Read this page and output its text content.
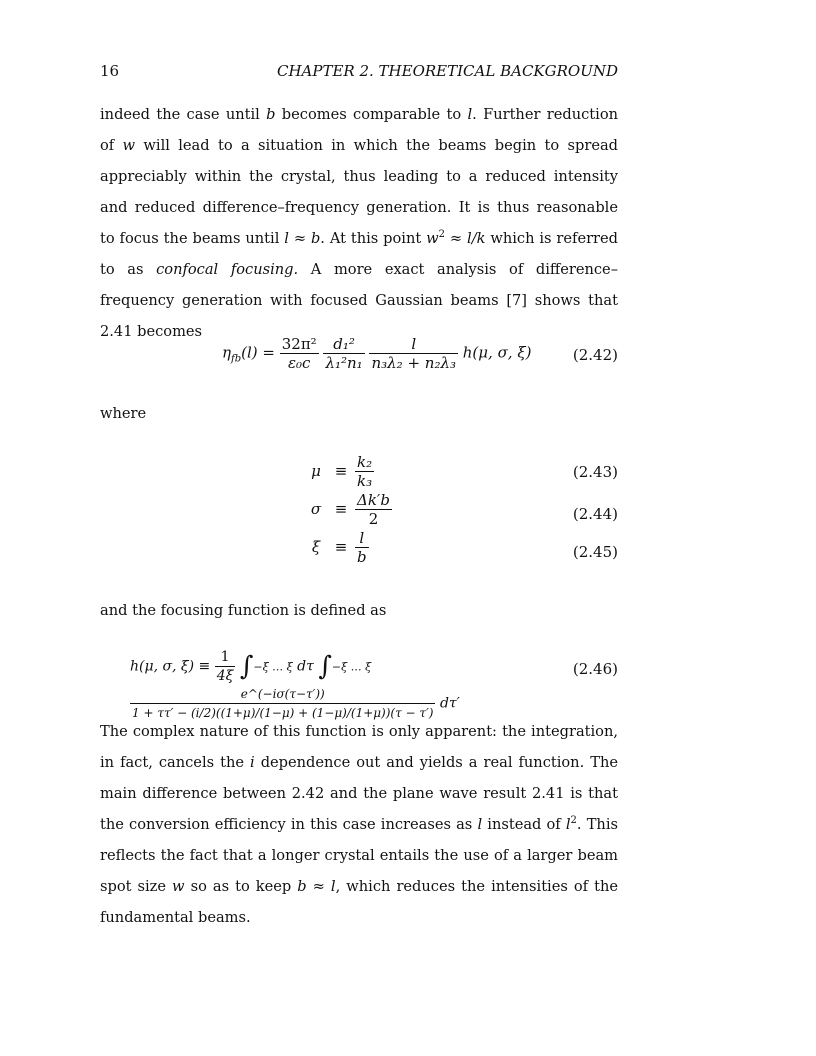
16	CHAPTER 2. THEORETICAL BACKGROUND
indeed the case until b becomes comparable to l. Further reduction of w will lead to a situation in which the beams begin to spread appreciably within the crystal, thus leading to a reduced intensity and reduced difference–frequency generation. It is thus reasonable to focus the beams until l ≈ b. At this point $w^2 \approx l/k$ which is referred to as confocal focusing. A more exact analysis of difference–frequency generation with focused Gaussian beams [7] shows that 2.41 becomes
$\eta_{fb}(l) = \frac{\text{32π²}}{\text{ε₀c}}$
$\frac{\text{d₁²}}{\text{λ₁²n₁}}$
$\frac{l}{\text{n₃λ₂ + n₂λ₃}} h(\mu$, σ, ξ)	(2.42)
where
$\mu \equiv \frac{\text{k₂}}{\text{k₃}}$
$\sigma \equiv \frac{\Delta k'b}{2}$
$\xi \equiv \frac{l}{b}$
(2.43)
(2.44)
(2.45)
and the focusing function is defined as
h(μ, σ, $\xi) \equiv \frac{1}{4\xi} \int-\xi$ … ξ dτ ∫−ξ … ξ
$\frac{e\^{}(-i\sigma(\tau-\tau'))}{1 + \tau\tau' - (i/2)((1+\mu)/(1-\mu) + (1-\mu)/(1+\mu))(\tau - \tau')} d\tau'$
(2.46)
The complex nature of this function is only apparent: the integration, in fact, cancels the i dependence out and yields a real function. The main difference between 2.42 and the plane wave result 2.41 is that the conversion efficiency in this case increases as l instead of $l^2$. This reflects the fact that a longer crystal entails the use of a larger beam spot size w so as to keep b ≈ l, which reduces the intensities of the fundamental beams.
